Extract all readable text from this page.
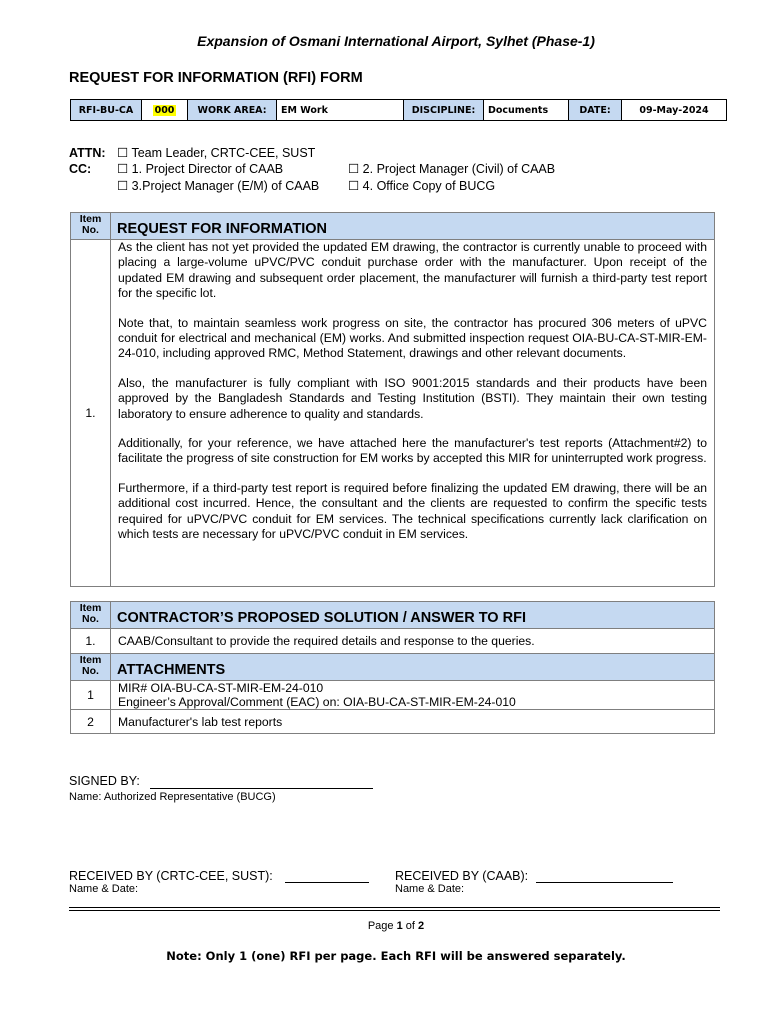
Expansion of Osmani International Airport, Sylhet (Phase-1)
REQUEST FOR INFORMATION (RFI) FORM
RFI-BU-CA	000	WORK AREA:	EM Work	DISCIPLINE:	Documents	DATE:	09-May-2024
ATTN: ☐ Team Leader, CRTC-CEE, SUST
CC:	☐ 1. Project Director of CAAB	☐ 2. Project Manager (Civil) of CAAB
☐ 3.Project Manager (E/M) of CAAB ☐ 4. Office Copy of BUCG
Item No.	REQUEST FOR INFORMATION
1.	As the client has not yet provided the updated EM drawing, the contractor is currently unable to proceed with placing a large-volume uPVC/PVC conduit purchase order with the manufacturer. Upon receipt of the updated EM drawing and subsequent order placement, the manufacturer will furnish a third-party test report for the specific lot.

Note that, to maintain seamless work progress on site, the contractor has procured 306 meters of uPVC conduit for electrical and mechanical (EM) works. And submitted inspection request OIA-BU-CA-ST-MIR-EM-24-010, including approved RMC, Method Statement, drawings and other relevant documents.

Also, the manufacturer is fully compliant with ISO 9001:2015 standards and their products have been approved by the Bangladesh Standards and Testing Institution (BSTI). They maintain their own testing laboratory to ensure adherence to quality and standards.

Additionally, for your reference, we have attached here the manufacturer's test reports (Attachment#2) to facilitate the progress of site construction for EM works by accepted this MIR for uninterrupted work progress.

Furthermore, if a third-party test report is required before finalizing the updated EM drawing, there will be an additional cost incurred. Hence, the consultant and the clients are requested to confirm the specific tests required for uPVC/PVC conduit for EM services. The technical specifications currently lack clarification on which tests are necessary for uPVC/PVC conduit in EM services.

Item No.	CONTRACTOR’S PROPOSED SOLUTION / ANSWER TO RFI
1.	CAAB/Consultant to provide the required details and response to the queries.
Item No.	ATTACHMENTS
1	MIR# OIA-BU-CA-ST-MIR-EM-24-010
Engineer’s Approval/Comment (EAC) on: OIA-BU-CA-ST-MIR-EM-24-010

2	Manufacturer's lab test reports
SIGNED BY:
Name: Authorized Representative (BUCG)
RECEIVED BY (CRTC-CEE, SUST):
Name & Date:
RECEIVED BY (CAAB):
Name & Date:
Page 1 of 2
Note: Only 1 (one) RFI per page. Each RFI will be answered separately.
